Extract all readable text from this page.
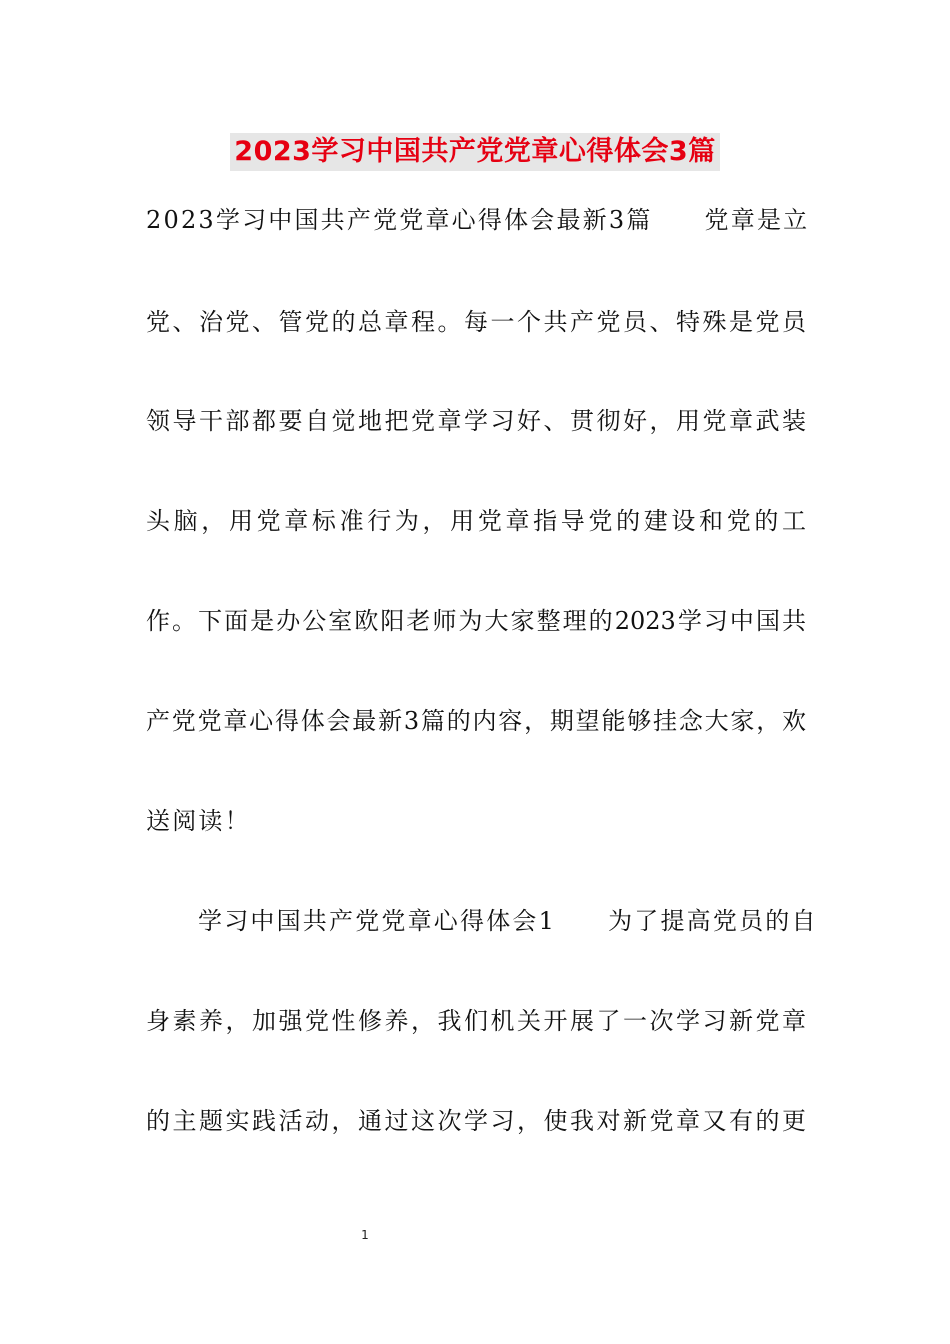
2023学习中国共产党党章心得体会3篇
2023学习中国共产党党章心得体会最新3篇 党章是立
党、治党、管党的总章程。每一个共产党员、特殊是党员
领导干部都要自觉地把党章学习好、贯彻好，用党章武装
头脑，用党章标准行为，用党章指导党的建设和党的工
作。下面是办公室欧阳老师为大家整理的2023学习中国共
产党党章心得体会最新3篇的内容，期望能够挂念大家，欢
送阅读！
学习中国共产党党章心得体会1 为了提高党员的自
身素养，加强党性修养，我们机关开展了一次学习新党章
的主题实践活动，通过这次学习，使我对新党章又有的更
1
